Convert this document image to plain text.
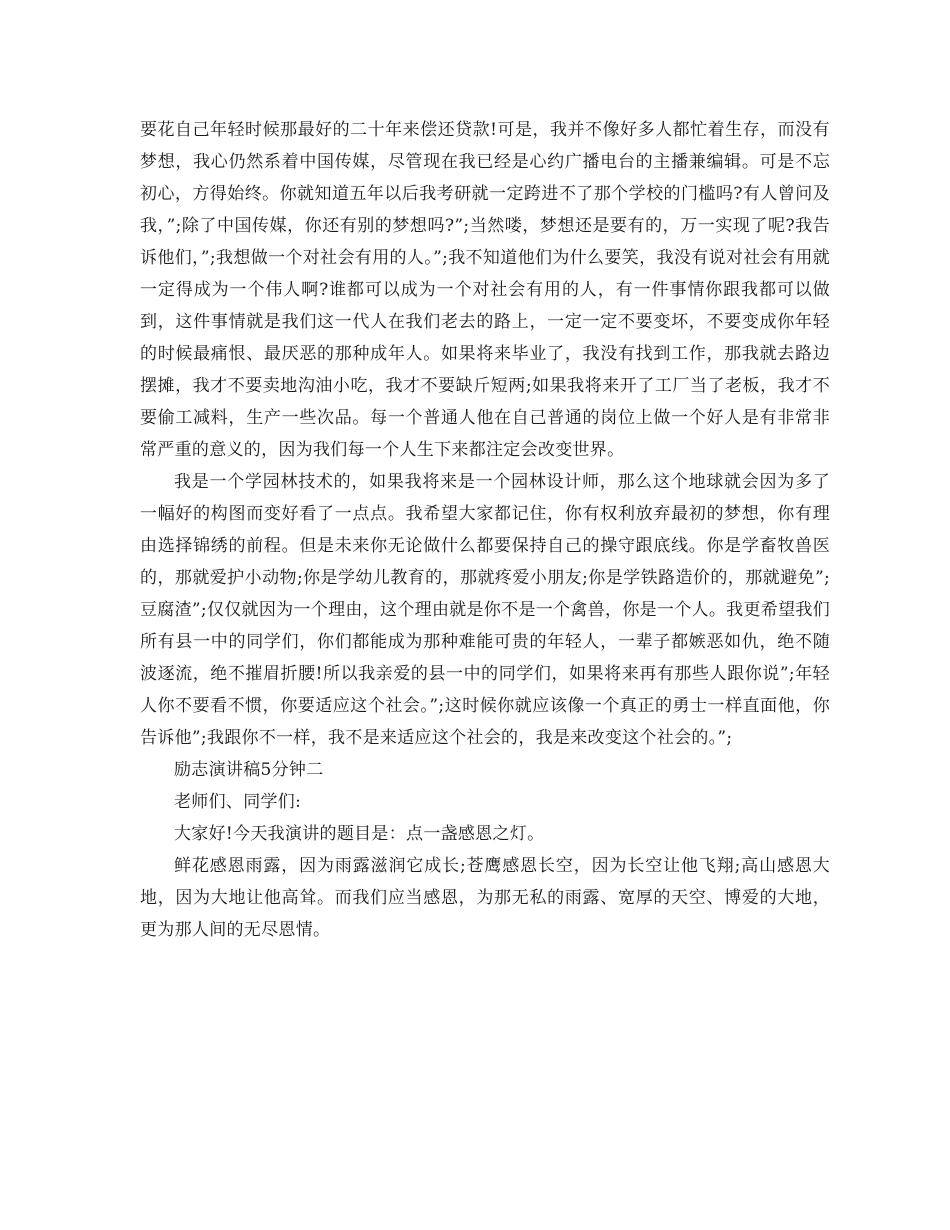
要花自己年轻时候那最好的二十年来偿还贷款!可是，我并不像好多人都忙着生存，而没有梦想，我心仍然系着中国传媒，尽管现在我已经是心约广播电台的主播兼编辑。可是不忘初心，方得始终。你就知道五年以后我考研就一定跨进不了那个学校的门槛吗?有人曾问及我，”;除了中国传媒，你还有别的梦想吗?”;当然喽，梦想还是要有的，万一实现了呢?我告诉他们，”;我想做一个对社会有用的人。”;我不知道他们为什么要笑，我没有说对社会有用就一定得成为一个伟人啊?谁都可以成为一个对社会有用的人，有一件事情你跟我都可以做到，这件事情就是我们这一代人在我们老去的路上，一定一定不要变坏，不要变成你年轻的时候最痛恨、最厌恶的那种成年人。如果将来毕业了，我没有找到工作，那我就去路边摆摊，我才不要卖地沟油小吃，我才不要缺斤短两;如果我将来开了工厂当了老板，我才不要偷工减料，生产一些次品。每一个普通人他在自己普通的岗位上做一个好人是有非常非常严重的意义的，因为我们每一个人生下来都注定会改变世界。

我是一个学园林技术的，如果我将来是一个园林设计师，那么这个地球就会因为多了一幅好的构图而变好看了一点点。我希望大家都记住，你有权利放弃最初的梦想，你有理由选择锦绣的前程。但是未来你无论做什么都要保持自己的操守跟底线。你是学畜牧兽医的，那就爱护小动物;你是学幼儿教育的，那就疼爱小朋友;你是学铁路造价的，那就避免”;豆腐渣”;仅仅就因为一个理由，这个理由就是你不是一个禽兽，你是一个人。我更希望我们所有县一中的同学们，你们都能成为那种难能可贵的年轻人，一辈子都嫉恶如仇，绝不随波逐流，绝不摧眉折腰!所以我亲爱的县一中的同学们，如果将来再有那些人跟你说”;年轻人你不要看不惯，你要适应这个社会。”;这时候你就应该像一个真正的勇士一样直面他，你告诉他”;我跟你不一样，我不是来适应这个社会的，我是来改变这个社会的。”;

励志演讲稿5分钟二

老师们、同学们:

大家好!今天我演讲的题目是：点一盏感恩之灯。

鲜花感恩雨露，因为雨露滋润它成长;苍鹰感恩长空，因为长空让他飞翔;高山感恩大地，因为大地让他高耸。而我们应当感恩，为那无私的雨露、宽厚的天空、博爱的大地，更为那人间的无尽恩情。
